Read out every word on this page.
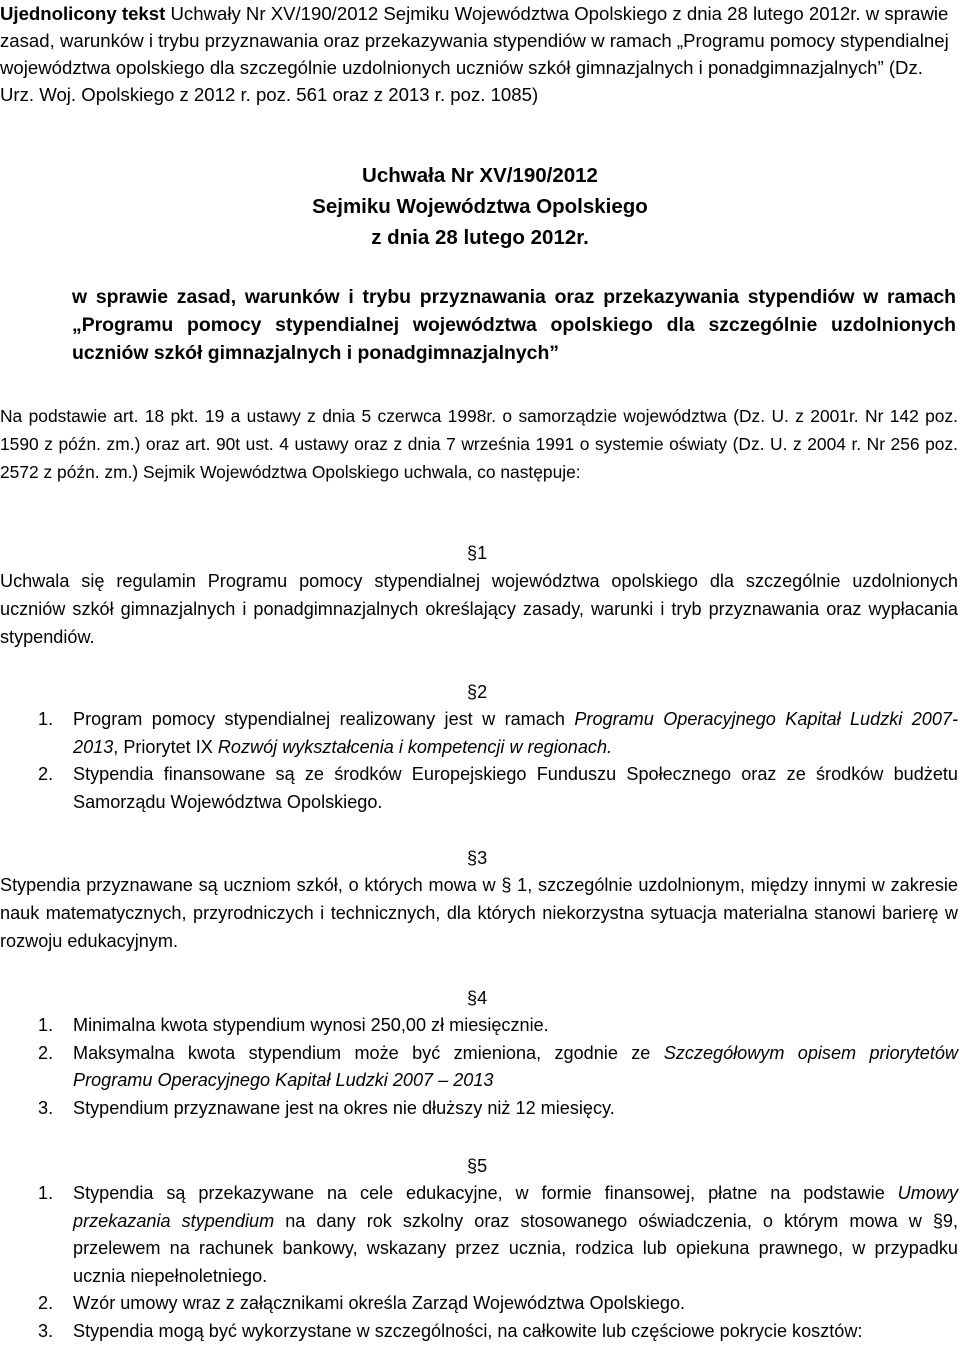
Ujednolicony tekst Uchwały Nr XV/190/2012 Sejmiku Województwa Opolskiego z dnia 28 lutego 2012r. w sprawie zasad, warunków i trybu przyznawania oraz przekazywania stypendiów w ramach „Programu pomocy stypendialnej województwa opolskiego dla szczególnie uzdolnionych uczniów szkół gimnazjalnych i ponadgimnazjalnych” (Dz. Urz. Woj. Opolskiego z 2012 r. poz. 561 oraz z 2013 r. poz. 1085)

Uchwała Nr XV/190/2012

Sejmiku Województwa Opolskiego

z dnia 28 lutego 2012r.

w sprawie zasad, warunków i trybu przyznawania oraz przekazywania stypendiów w ramach „Programu pomocy stypendialnej województwa opolskiego dla szczególnie uzdolnionych uczniów szkół gimnazjalnych i ponadgimnazjalnych”

Na podstawie art. 18 pkt. 19 a ustawy z dnia 5 czerwca 1998r. o samorządzie województwa (Dz. U. z 2001r. Nr 142 poz. 1590 z późn. zm.) oraz art. 90t ust. 4 ustawy oraz z dnia 7 września 1991 o systemie oświaty (Dz. U. z 2004 r. Nr 256 poz. 2572 z późn. zm.) Sejmik Województwa Opolskiego uchwala, co następuje:

§1

Uchwala się regulamin Programu pomocy stypendialnej województwa opolskiego dla szczególnie uzdolnionych uczniów szkół gimnazjalnych i ponadgimnazjalnych określający zasady, warunki i tryb przyznawania oraz wypłacania stypendiów.

§2

1. Program pomocy stypendialnej realizowany jest w ramach Programu Operacyjnego Kapitał Ludzki 2007- 2013, Priorytet IX Rozwój wykształcenia i kompetencji w regionach.
2. Stypendia finansowane są ze środków Europejskiego Funduszu Społecznego oraz ze środków budżetu Samorządu Województwa Opolskiego.

§3

Stypendia przyznawane są uczniom szkół, o których mowa w § 1, szczególnie uzdolnionym, między innymi w zakresie nauk matematycznych, przyrodniczych i technicznych, dla których niekorzystna sytuacja materialna stanowi barierę w rozwoju edukacyjnym.

§4

1. Minimalna kwota stypendium wynosi 250,00 zł miesięcznie.
2. Maksymalna kwota stypendium może być zmieniona, zgodnie ze Szczegółowym opisem priorytetów Programu Operacyjnego Kapitał Ludzki 2007 – 2013
3. Stypendium przyznawane jest na okres nie dłuższy niż 12 miesięcy.

§5

1. Stypendia są przekazywane na cele edukacyjne, w formie finansowej, płatne na podstawie Umowy przekazania stypendium na dany rok szkolny oraz stosowanego oświadczenia, o którym mowa w §9, przelewem na rachunek bankowy, wskazany przez ucznia, rodzica lub opiekuna prawnego, w przypadku ucznia niepełnoletniego.
2. Wzór umowy wraz z załącznikami określa Zarząd Województwa Opolskiego.
3. Stypendia mogą być wykorzystane w szczególności, na całkowite lub częściowe pokrycie kosztów:
